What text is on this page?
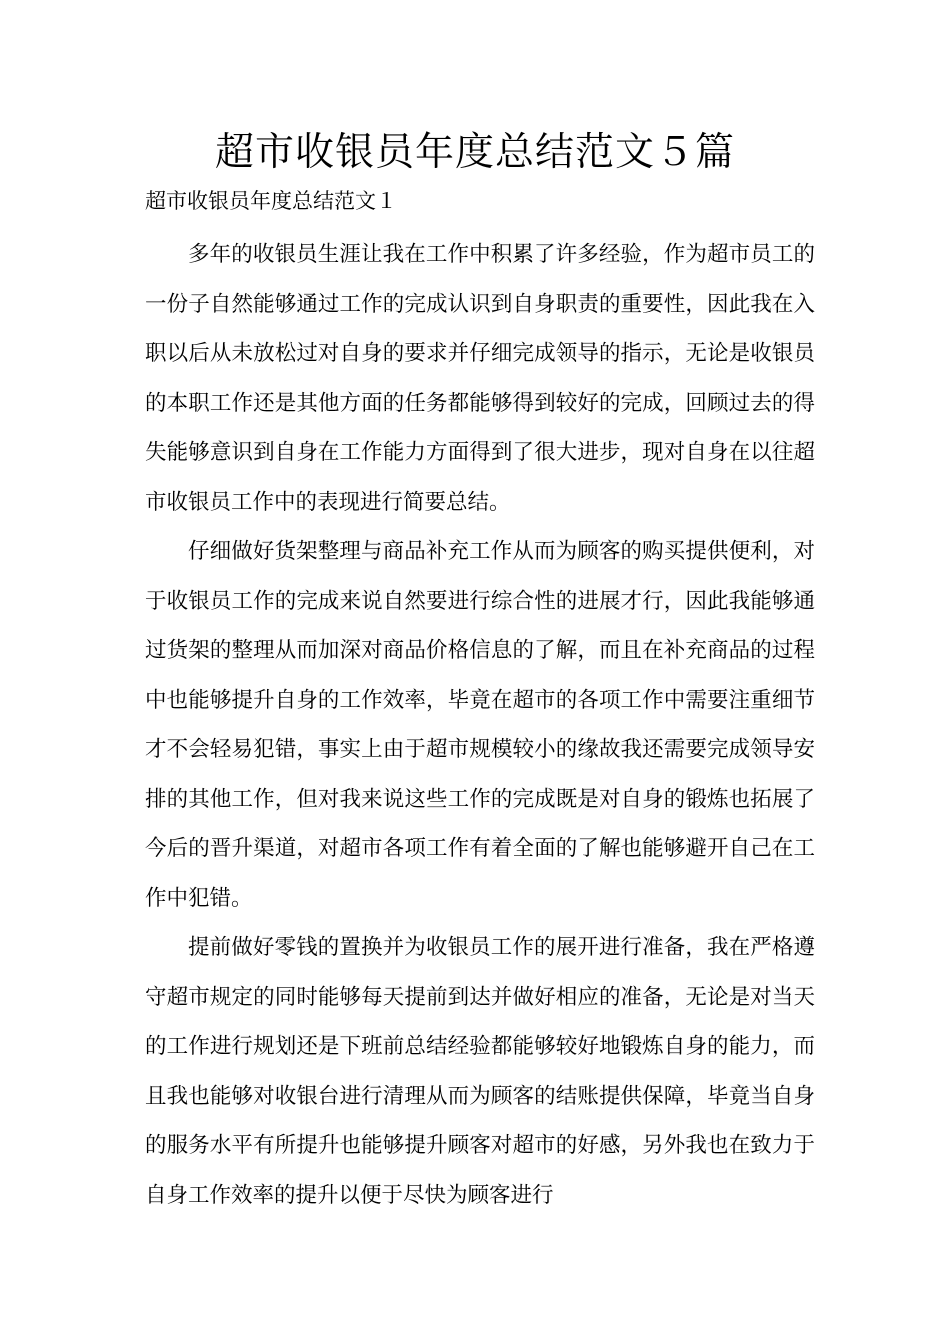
超市收银员年度总结范文５篇
超市收银员年度总结范文１

多年的收银员生涯让我在工作中积累了许多经验，作为超市员工的一份子自然能够通过工作的完成认识到自身职责的重要性，因此我在入职以后从未放松过对自身的要求并仔细完成领导的指示，无论是收银员的本职工作还是其他方面的任务都能够得到较好的完成，回顾过去的得失能够意识到自身在工作能力方面得到了很大进步，现对自身在以往超市收银员工作中的表现进行简要总结。

仔细做好货架整理与商品补充工作从而为顾客的购买提供便利，对于收银员工作的完成来说自然要进行综合性的进展才行，因此我能够通过货架的整理从而加深对商品价格信息的了解，而且在补充商品的过程中也能够提升自身的工作效率，毕竟在超市的各项工作中需要注重细节才不会轻易犯错，事实上由于超市规模较小的缘故我还需要完成领导安排的其他工作，但对我来说这些工作的完成既是对自身的锻炼也拓展了今后的晋升渠道，对超市各项工作有着全面的了解也能够避开自己在工作中犯错。

提前做好零钱的置换并为收银员工作的展开进行准备，我在严格遵守超市规定的同时能够每天提前到达并做好相应的准备，无论是对当天的工作进行规划还是下班前总结经验都能够较好地锻炼自身的能力，而且我也能够对收银台进行清理从而为顾客的结账提供保障，毕竟当自身的服务水平有所提升也能够提升顾客对超市的好感，另外我也在致力于自身工作效率的提升以便于尽快为顾客进行
